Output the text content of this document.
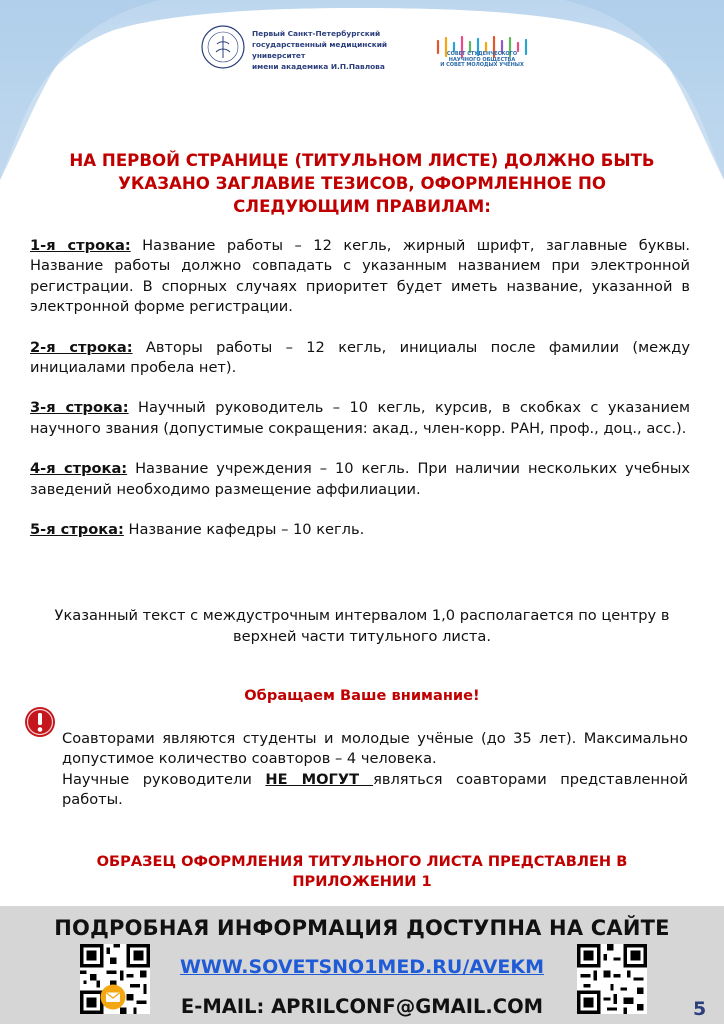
Первый Санкт-Петербургский
государственный медицинский университет
имени академика И.П.Павлова
СОВЕТ СТУДЕНЧЕСКОГО
НАУЧНОГО ОБЩЕСТВА
И СОВЕТ МОЛОДЫХ УЧЁНЫХ
НА ПЕРВОЙ СТРАНИЦЕ (ТИТУЛЬНОМ ЛИСТЕ) ДОЛЖНО БЫТЬ
УКАЗАНО ЗАГЛАВИЕ ТЕЗИСОВ, ОФОРМЛЕННОЕ ПО
СЛЕДУЮЩИМ ПРАВИЛАМ:

1-я строка: Название работы – 12 кегль, жирный шрифт, заглавные буквы. Название работы должно совпадать с указанным названием при электронной регистрации. В спорных случаях приоритет будет иметь название, указанной в электронной форме регистрации.

2-я строка: Авторы работы – 12 кегль, инициалы после фамилии (между инициалами пробела нет).

3-я строка: Научный руководитель – 10 кегль, курсив, в скобках с указанием научного звания (допустимые сокращения: акад., член-корр. РАН, проф., доц., асс.).

4-я строка: Название учреждения – 10 кегль. При наличии нескольких учебных заведений необходимо размещение аффилиации.

5-я строка: Название кафедры – 10 кегль.

Указанный текст с междустрочным интервалом 1,0 располагается по центру в верхней части титульного листа.
Обращаем Ваше внимание!

Соавторами являются студенты и молодые учёные (до 35 лет). Максимально допустимое количество соавторов – 4 человека.

Научные руководители НЕ МОГУТ являться соавторами представленной работы.

ОБРАЗЕЦ ОФОРМЛЕНИЯ ТИТУЛЬНОГО ЛИСТА ПРЕДСТАВЛЕН В
ПРИЛОЖЕНИИ 1
ПОДРОБНАЯ ИНФОРМАЦИЯ ДОСТУПНА НА САЙТЕ
WWW.SOVETSNO1MED.RU/AVEKM
E-MAIL: APRILCONF@GMAIL.COM	5
